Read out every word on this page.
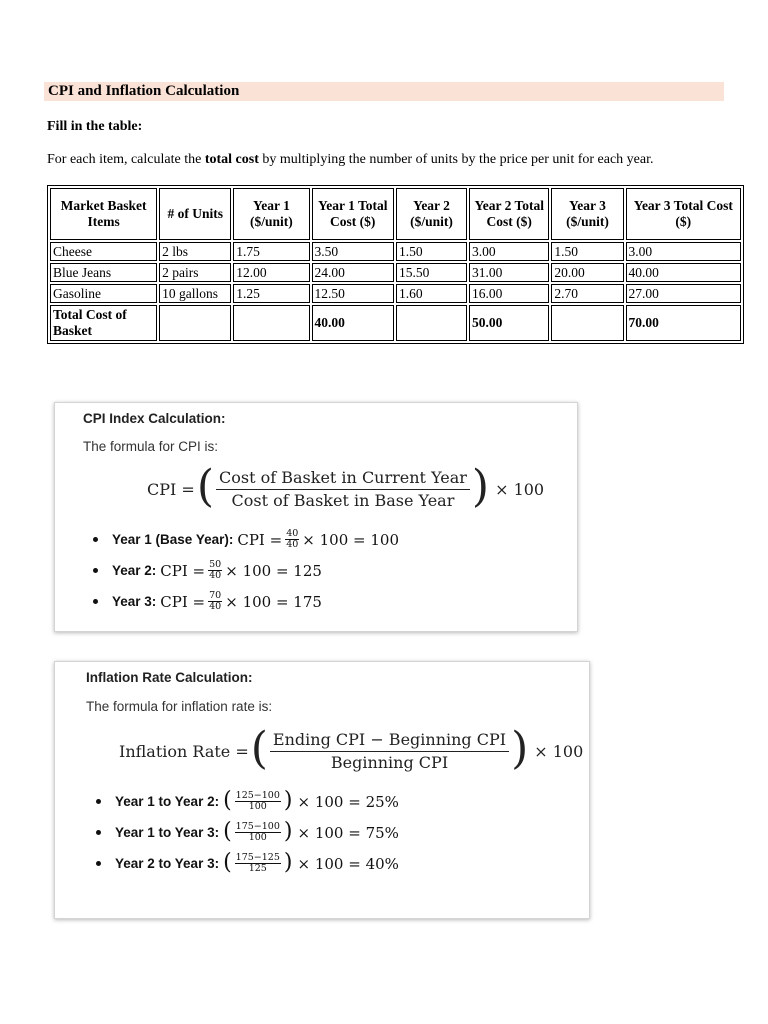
CPI and Inflation Calculation
Fill in the table:
For each item, calculate the total cost by multiplying the number of units by the price per unit for each year.
Market Basket Items	# of Units	Year 1 ($/unit)	Year 1 Total Cost ($)	Year 2 ($/unit)	Year 2 Total Cost ($)	Year 3 ($/unit)	Year 3 Total Cost ($)
Cheese	2 lbs	1.75	3.50	1.50	3.00	1.50	3.00
Blue Jeans	2 pairs	12.00	24.00	15.50	31.00	20.00	40.00
Gasoline	10 gallons	1.25	12.50	1.60	16.00	2.70	27.00
Total Cost of Basket			40.00		50.00		70.00
CPI Index Calculation:
The formula for CPI is:
CPI = ( $\frac{\text{Cost of Basket in Current Year}}{\text{Cost of Basket in Base Year}}$ ) × 100
Year 1 (Base Year): CPI = $\frac{40}{40} \times 100 = 100$
Year 2: CPI = $\frac{50}{40} \times 100 = 125$
Year 3: CPI = $\frac{70}{40} \times 100 = 175$
Inflation Rate Calculation:
The formula for inflation rate is:
Inflation Rate = ( $\frac{\text{Ending CPI − Beginning CPI}}{\text{Beginning CPI}}$ ) × 100
Year 1 to Year 2: ( $\frac{125-100}{100}$ ) × 100 = 25%
Year 1 to Year 3: ( $\frac{175-100}{100}$ ) × 100 = 75%
Year 2 to Year 3: ( $\frac{175-125}{125}$ ) × 100 = 40%
